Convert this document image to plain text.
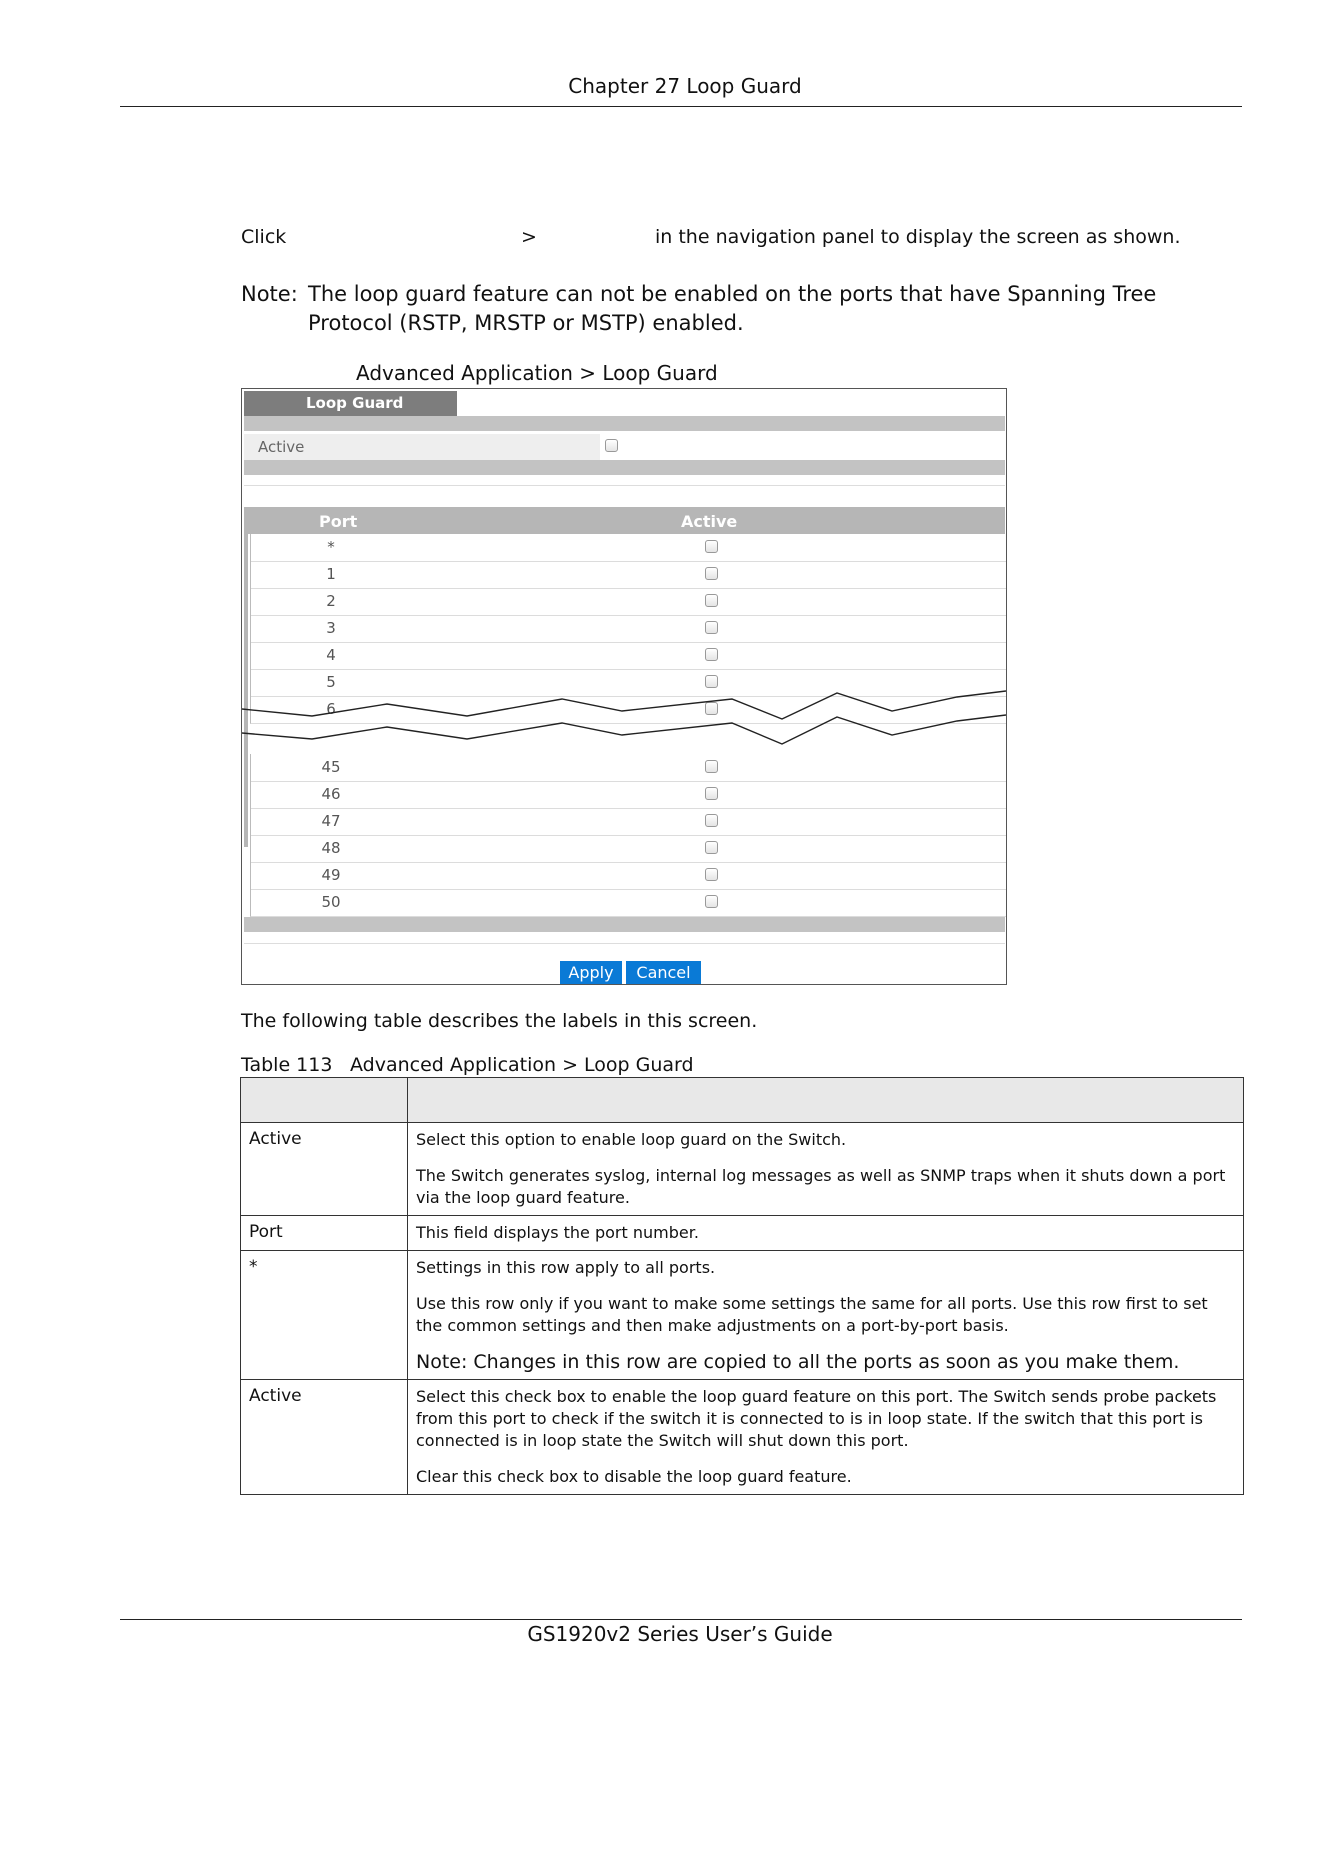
Chapter 27 Loop Guard
Click	>	in the navigation panel to display the screen as shown.
Note: The loop guard feature can not be enabled on the ports that have Spanning Tree Protocol (RSTP, MRSTP or MSTP) enabled.
Advanced Application > Loop Guard
Loop Guard
Active
Port	Active
*
1
2
3
4
5
6
45
46
47
48
49
50
Apply	Cancel
The following table describes the labels in this screen.
Table 113 Advanced Application > Loop Guard

Active	Select this option to enable loop guard on the Switch.

The Switch generates syslog, internal log messages as well as SNMP traps when it shuts down a port via the loop guard feature.

Port	This field displays the port number.

*	Settings in this row apply to all ports.

Use this row only if you want to make some settings the same for all ports. Use this row first to set the common settings and then make adjustments on a port-by-port basis.

Note: Changes in this row are copied to all the ports as soon as you make them.

Active	Select this check box to enable the loop guard feature on this port. The Switch sends probe packets from this port to check if the switch it is connected to is in loop state. If the switch that this port is connected is in loop state the Switch will shut down this port.

Clear this check box to disable the loop guard feature.

GS1920v2 Series User’s Guide
